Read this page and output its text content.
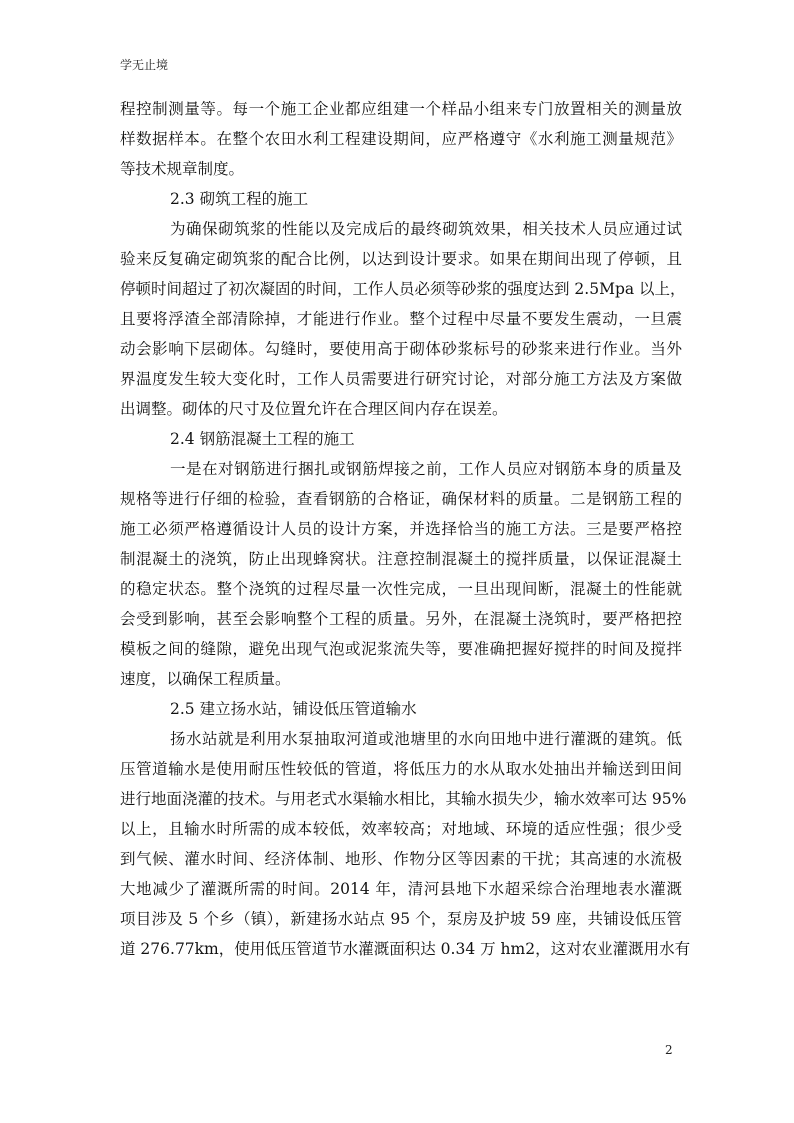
学无止境
程控制测量等。每一个施工企业都应组建一个样品小组来专门放置相关的测量放
样数据样本。在整个农田水利工程建设期间，应严格遵守《水利施工测量规范》
等技术规章制度。
2.3 砌筑工程的施工
为确保砌筑浆的性能以及完成后的最终砌筑效果，相关技术人员应通过试
验来反复确定砌筑浆的配合比例，以达到设计要求。如果在期间出现了停顿，且
停顿时间超过了初次凝固的时间，工作人员必须等砂浆的强度达到 2.5Mpa 以上，
且要将浮渣全部清除掉，才能进行作业。整个过程中尽量不要发生震动，一旦震
动会影响下层砌体。勾缝时，要使用高于砌体砂浆标号的砂浆来进行作业。当外
界温度发生较大变化时，工作人员需要进行研究讨论，对部分施工方法及方案做
出调整。砌体的尺寸及位置允许在合理区间内存在误差。
2.4 钢筋混凝土工程的施工
一是在对钢筋进行捆扎或钢筋焊接之前，工作人员应对钢筋本身的质量及
规格等进行仔细的检验，查看钢筋的合格证，确保材料的质量。二是钢筋工程的
施工必须严格遵循设计人员的设计方案，并选择恰当的施工方法。三是要严格控
制混凝土的浇筑，防止出现蜂窝状。注意控制混凝土的搅拌质量，以保证混凝土
的稳定状态。整个浇筑的过程尽量一次性完成，一旦出现间断，混凝土的性能就
会受到影响，甚至会影响整个工程的质量。另外，在混凝土浇筑时，要严格把控
模板之间的缝隙，避免出现气泡或泥浆流失等，要准确把握好搅拌的时间及搅拌
速度，以确保工程质量。
2.5 建立扬水站，铺设低压管道输水
扬水站就是利用水泵抽取河道或池塘里的水向田地中进行灌溉的建筑。低
压管道输水是使用耐压性较低的管道，将低压力的水从取水处抽出并输送到田间
进行地面浇灌的技术。与用老式水渠输水相比，其输水损失少，输水效率可达 95%
以上，且输水时所需的成本较低，效率较高；对地域、环境的适应性强；很少受
到气候、灌水时间、经济体制、地形、作物分区等因素的干扰；其高速的水流极
大地减少了灌溉所需的时间。2014 年，清河县地下水超采综合治理地表水灌溉
项目涉及 5 个乡（镇），新建扬水站点 95 个，泵房及护坡 59 座，共铺设低压管
道 276.77km，使用低压管道节水灌溉面积达 0.34 万 hm2，这对农业灌溉用水有
2
